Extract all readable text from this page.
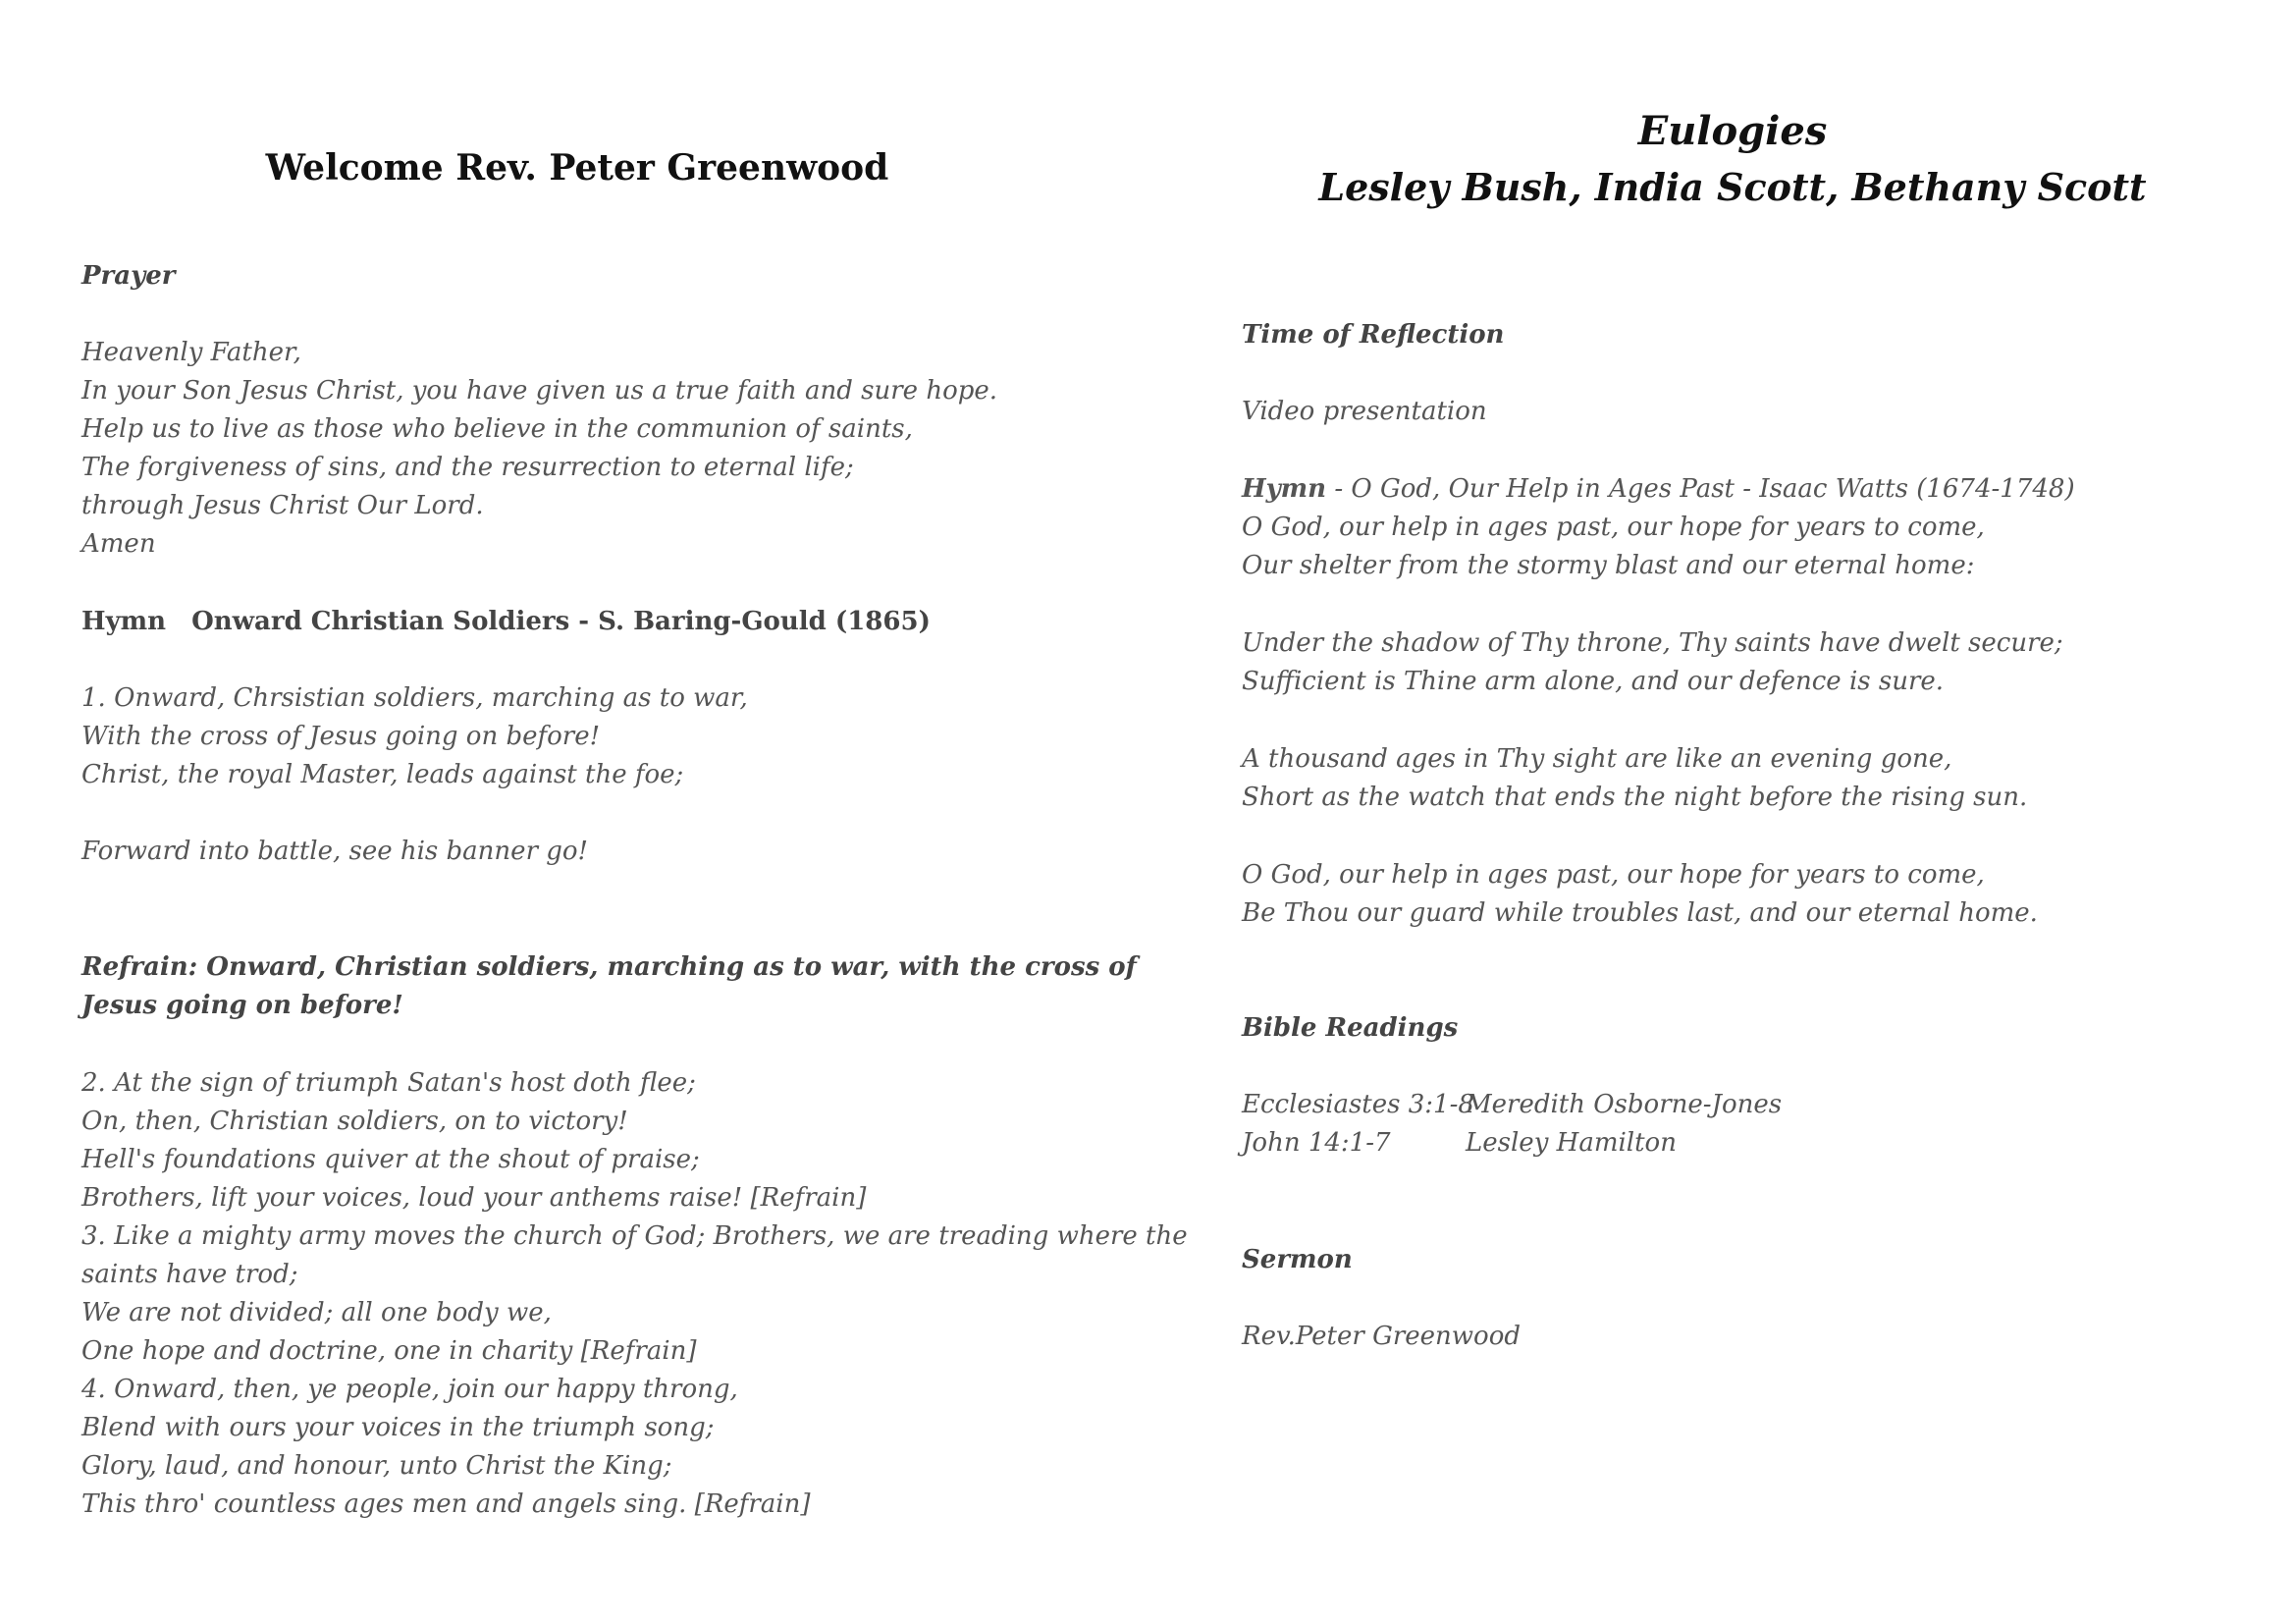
Welcome Rev. Peter Greenwood

Prayer

Heavenly Father,

In your Son Jesus Christ, you have given us a true faith and sure hope.

Help us to live as those who believe in the communion of saints,

The forgiveness of sins, and the resurrection to eternal life;

through Jesus Christ Our Lord.

Amen

Hymn Onward Christian Soldiers - S. Baring-Gould (1865)

1. Onward, Chrsistian soldiers, marching as to war,

With the cross of Jesus going on before!

Christ, the royal Master, leads against the foe;

Forward into battle, see his banner go!

Refrain: Onward, Christian soldiers, marching as to war, with the cross of

Jesus going on before!

2. At the sign of triumph Satan's host doth flee;

On, then, Christian soldiers, on to victory!

Hell's foundations quiver at the shout of praise;

Brothers, lift your voices, loud your anthems raise! [Refrain]

3. Like a mighty army moves the church of God; Brothers, we are treading where the

saints have trod;

We are not divided; all one body we,

One hope and doctrine, one in charity [Refrain]

4. Onward, then, ye people, join our happy throng,

Blend with ours your voices in the triumph song;

Glory, laud, and honour, unto Christ the King;

This thro' countless ages men and angels sing. [Refrain]

Eulogies
Lesley Bush, India Scott, Bethany Scott

Time of Reflection

Video presentation

Hymn - O God, Our Help in Ages Past - Isaac Watts (1674-1748)

O God, our help in ages past, our hope for years to come,

Our shelter from the stormy blast and our eternal home:

Under the shadow of Thy throne, Thy saints have dwelt secure;

Sufficient is Thine arm alone, and our defence is sure.

A thousand ages in Thy sight are like an evening gone,

Short as the watch that ends the night before the rising sun.

O God, our help in ages past, our hope for years to come,

Be Thou our guard while troubles last, and our eternal home.

Bible Readings

Ecclesiastes 3:1-8Meredith Osborne-Jones

John 14:1-7	Lesley Hamilton

Sermon

Rev.Peter Greenwood
